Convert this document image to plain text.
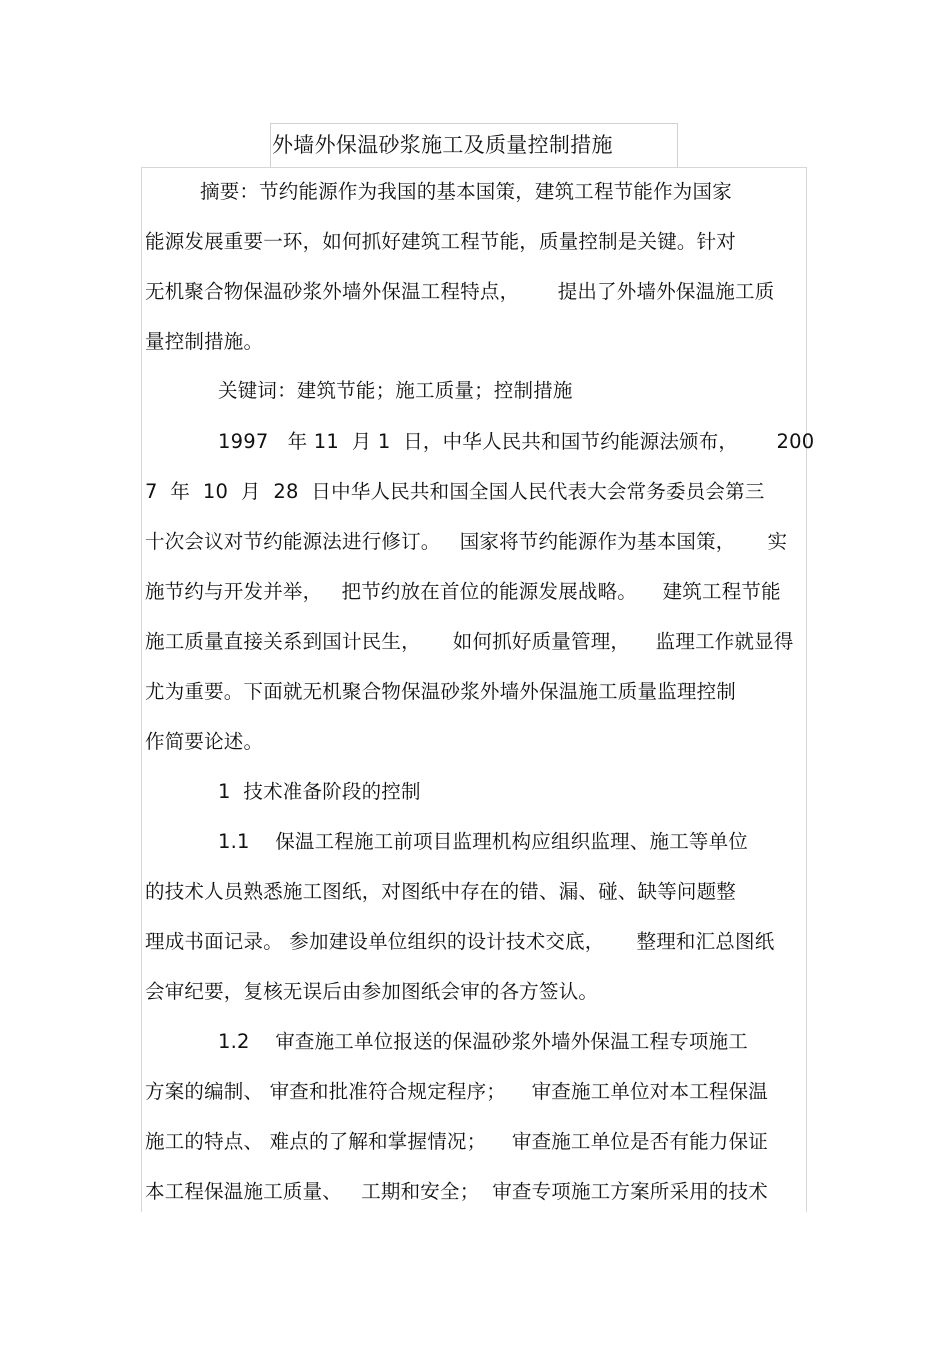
外墙外保温砂浆施工及质量控制措施
摘要：节约能源作为我国的基本国策，建筑工程节能作为国家
能源发展重要一环，如何抓好建筑工程节能，质量控制是关键。针对
无机聚合物保温砂浆外墙外保温工程特点，      提出了外墙外保温施工质
量控制措施。
关键词：建筑节能；施工质量；控制措施
1997   年 11  月 1  日，中华人民共和国节约能源法颁布，      200
7  年  10  月  28  日中华人民共和国全国人民代表大会常务委员会第三
十次会议对节约能源法进行修订。   国家将节约能源作为基本国策，     实
施节约与开发并举，   把节约放在首位的能源发展战略。    建筑工程节能
施工质量直接关系到国计民生，     如何抓好质量管理，    监理工作就显得
尤为重要。下面就无机聚合物保温砂浆外墙外保温施工质量监理控制
作简要论述。
1  技术准备阶段的控制
1.1    保温工程施工前项目监理机构应组织监理、施工等单位
的技术人员熟悉施工图纸，对图纸中存在的错、漏、碰、缺等问题整
理成书面记录。 参加建设单位组织的设计技术交底，     整理和汇总图纸
会审纪要，复核无误后由参加图纸会审的各方签认。
1.2    审查施工单位报送的保温砂浆外墙外保温工程专项施工
方案的编制、 审查和批准符合规定程序；    审查施工单位对本工程保温
施工的特点、 难点的了解和掌握情况；    审查施工单位是否有能力保证
本工程保温施工质量、   工期和安全；  审查专项施工方案所采用的技术
